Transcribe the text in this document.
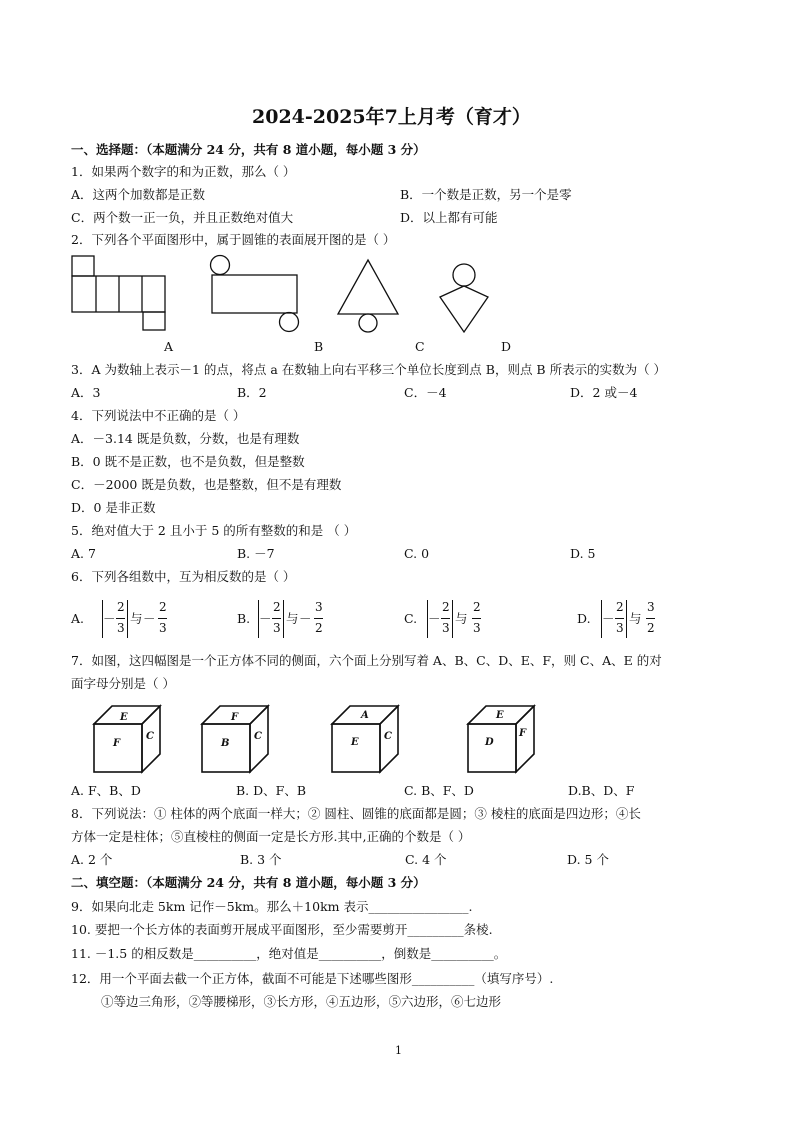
2024-2025年7上月考（育才）
一、选择题：（本题满分 24 分，共有 8 道小题，每小题 3 分）
1．如果两个数字的和为正数，那么（ ）
A．这两个加数都是正数	B．一个数是正数，另一个是零
C．两个数一正一负，并且正数绝对值大	D．以上都有可能
2．下列各个平面图形中，属于圆锥的表面展开图的是（ ）
A	B	C	D
3．A 为数轴上表示－1 的点，将点 a 在数轴上向右平移三个单位长度到点 B，则点 B 所表示的实数为（ ）
A．3	B．2	C．－4	D．2 或－4
4．下列说法中不正确的是（ ）
A．－3.14 既是负数，分数，也是有理数
B．0 既不是正数，也不是负数，但是整数
C．－2000 既是负数，也是整数，但不是有理数
D．0 是非正数
5．绝对值大于 2 且小于 5 的所有整数的和是 （ ）
A. 7	B. －7	C. 0	D. 5
6．下列各组数中，互为相反数的是（ ）
A. －
2
3
与 －
2
3
B. －
2
3
与 －
3
2
C. －
2
3
与
2
3
D. －
2
3
与
3
2
7．如图，这四幅图是一个正方体不同的侧面，六个面上分别写着 A、B、C、D、E、F，则 C、A、E 的对
面字母分别是（ ）
E
F
C
F
B
C
A
E
C
E
D
F
A. F、B、D	B. D、F、B	C. B、F、D	D.B、D、F
8．下列说法：① 柱体的两个底面一样大；② 圆柱、圆锥的底面都是圆；③ 棱柱的底面是四边形；④长
方体一定是柱体；⑤直棱柱的侧面一定是长方形.其中,正确的个数是（ ）
A. 2 个	B. 3 个	C. 4 个	D. 5 个
二、填空题：（本题满分 24 分，共有 8 道小题，每小题 3 分）
9．如果向北走 5km 记作－5km。那么＋10km 表示________________.
10. 要把一个长方体的表面剪开展成平面图形，至少需要剪开_________条棱.
11. －1.5 的相反数是__________，绝对值是__________，倒数是__________。
12．用一个平面去截一个正方体，截面不可能是下述哪些图形__________（填写序号）.
①等边三角形，②等腰梯形，③长方形，④五边形，⑤六边形，⑥七边形
1
